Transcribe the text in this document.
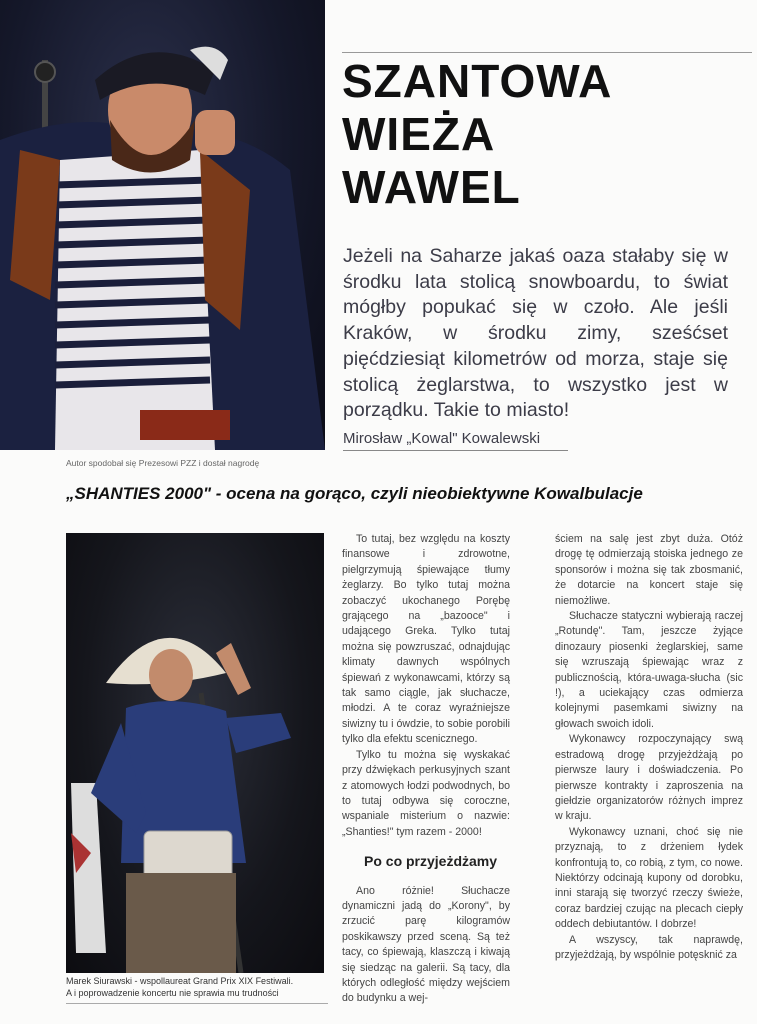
Autor spodobał się Prezesowi PZZ i dostał nagrodę
SZANTOWA
WIEŻA
WAWEL
Jeżeli na Saharze jakaś oaza stałaby się w środku lata stolicą snowboardu, to świat mógłby popukać się w czoło. Ale jeśli Kraków, w środku zimy, sześćset pięćdziesiąt kilometrów od morza, staje się stolicą żeglarstwa, to wszystko jest w porządku. Takie to miasto!
Mirosław „Kowal" Kowalewski
„SHANTIES 2000" - ocena na gorąco, czyli nieobiektywne Kowalbulacje
Marek Siurawski - wspollaureat Grand Prix XIX Festiwali.
A i poprowadzenie koncertu nie sprawia mu trudności

To tutaj, bez względu na koszty finansowe i zdrowotne, pielgrzymują śpiewające tłumy żeglarzy. Bo tylko tutaj można zobaczyć ukochanego Porębę grającego na „bazooce" i udającego Greka. Tylko tutaj można się powzruszać, odnajdując klimaty dawnych wspólnych śpiewań z wykonawcami, którzy są tak samo ciągle, jak słuchacze, młodzi. A te coraz wyraźniejsze siwizny tu i ówdzie, to sobie porobili tylko dla efektu scenicznego.

Tylko tu można się wyskakać przy dźwiękach perkusyjnych szant z atomowych łodzi podwodnych, bo to tutaj odbywa się coroczne, wspaniale misterium o nazwie: „Shanties!" tym razem - 2000!

Po co przyjeżdżamy

Ano różnie! Słuchacze dynamiczni jadą do „Korony", by zrzucić parę kilogramów poskikawszy przed sceną. Są też tacy, co śpiewają, klaszczą i kiwają się siedząc na galerii. Są tacy, dla których odległość między wejściem do budynku a wej-

ściem na salę jest zbyt duża. Otóż drogę tę odmierzają stoiska jednego ze sponsorów i można się tak zbosmanić, że dotarcie na koncert staje się niemożliwe.

Słuchacze statyczni wybierają raczej „Rotundę". Tam, jeszcze żyjące dinozaury piosenki żeglarskiej, same się wzruszają śpiewając wraz z publicznością, która-uwaga-słucha (sic !), a uciekający czas odmierza kolejnymi pasemkami siwizny na głowach swoich idoli.

Wykonawcy rozpoczynający swą estradową drogę przyjeżdżają po pierwsze laury i doświadczenia. Po pierwsze kontrakty i zaproszenia na giełdzie organizatorów różnych imprez w kraju.

Wykonawcy uznani, choć się nie przyznają, to z drżeniem łydek konfrontują to, co robią, z tym, co nowe. Niektórzy odcinają kupony od dorobku, inni starają się tworzyć rzeczy świeże, coraz bardziej czując na plecach ciepły oddech debiutantów. I dobrze!

A wszyscy, tak naprawdę, przyjeżdżają, by wspólnie potęsknić za
